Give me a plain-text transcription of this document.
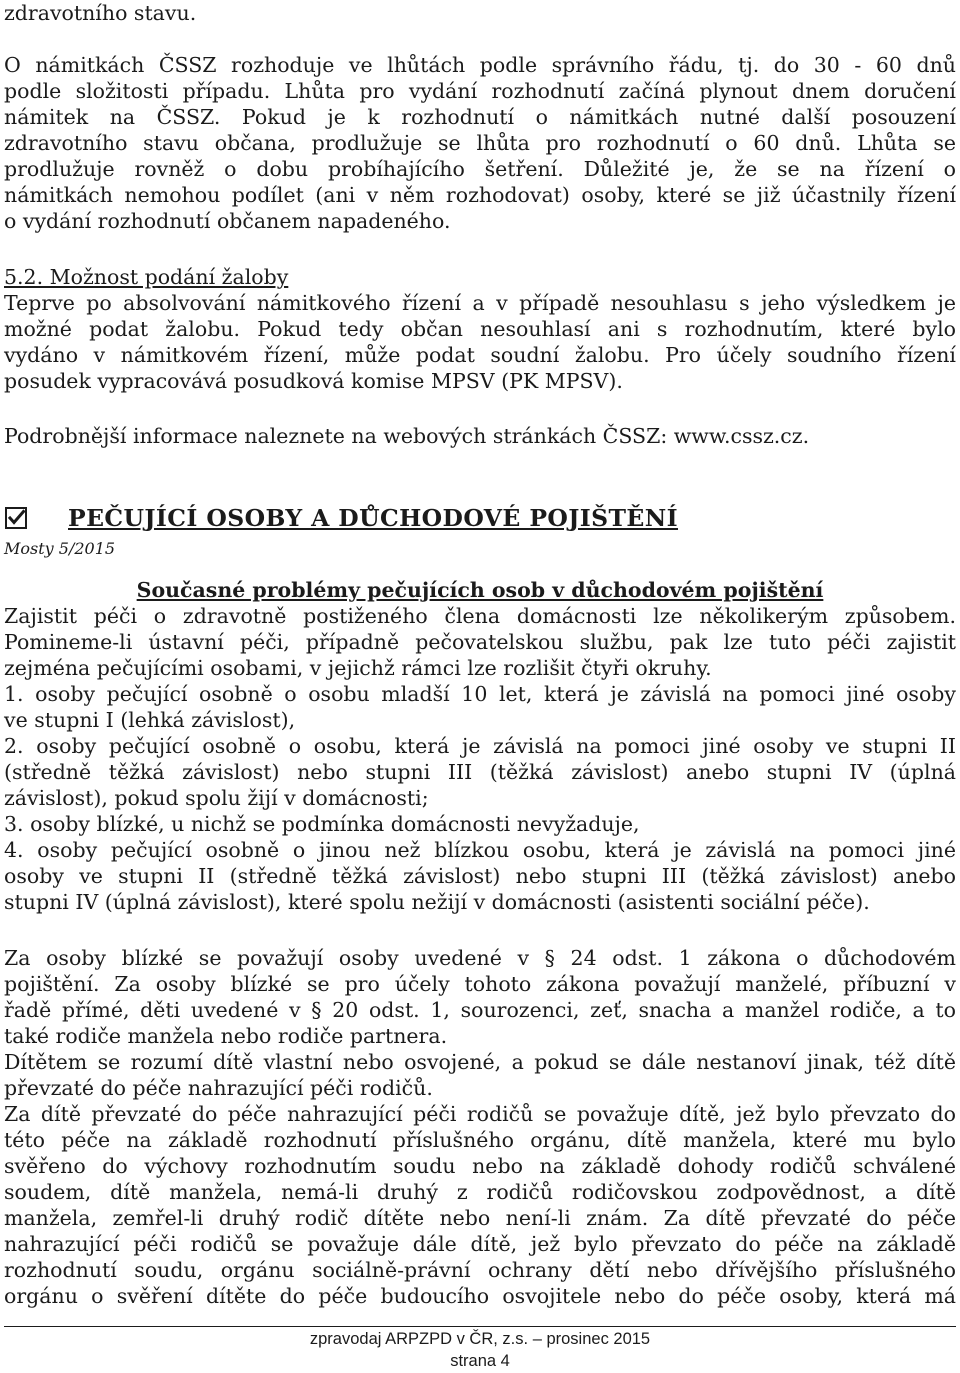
zdravotního stavu.
O námitkách ČSSZ rozhoduje ve lhůtách podle správního řádu, tj. do 30 - 60 dnů
podle složitosti případu. Lhůta pro vydání rozhodnutí začíná plynout dnem doručení
námitek na ČSSZ. Pokud je k rozhodnutí o námitkách nutné další posouzení
zdravotního stavu občana, prodlužuje se lhůta pro rozhodnutí o 60 dnů. Lhůta se
prodlužuje rovněž o dobu probíhajícího šetření. Důležité je, že se na řízení o
námitkách nemohou podílet (ani v něm rozhodovat) osoby, které se již účastnily řízení
o vydání rozhodnutí občanem napadeného.
5.2. Možnost podání žaloby
Teprve po absolvování námitkového řízení a v případě nesouhlasu s jeho výsledkem je
možné podat žalobu. Pokud tedy občan nesouhlasí ani s rozhodnutím, které bylo
vydáno v námitkovém řízení, může podat soudní žalobu. Pro účely soudního řízení
posudek vypracovává posudková komise MPSV (PK MPSV).
Podrobnější informace naleznete na webových stránkách ČSSZ: www.cssz.cz.
PEČUJÍCÍ OSOBY A DŮCHODOVÉ POJIŠTĚNÍ
Mosty 5/2015
Současné problémy pečujících osob v důchodovém pojištění
Zajistit péči o zdravotně postiženého člena domácnosti lze několikerým způsobem.
Pomineme-li ústavní péči, případně pečovatelskou službu, pak lze tuto péči zajistit
zejména pečujícími osobami, v jejichž rámci lze rozlišit čtyři okruhy.
1. osoby pečující osobně o osobu mladší 10 let, která je závislá na pomoci jiné osoby
ve stupni I (lehká závislost),
2. osoby pečující osobně o osobu, která je závislá na pomoci jiné osoby ve stupni II
(středně těžká závislost) nebo stupni III (těžká závislost) anebo stupni IV (úplná
závislost), pokud spolu žijí v domácnosti;
3. osoby blízké, u nichž se podmínka domácnosti nevyžaduje,
4. osoby pečující osobně o jinou než blízkou osobu, která je závislá na pomoci jiné
osoby ve stupni II (středně těžká závislost) nebo stupni III (těžká závislost) anebo
stupni IV (úplná závislost), které spolu nežijí v domácnosti (asistenti sociální péče).
Za osoby blízké se považují osoby uvedené v § 24 odst. 1 zákona o důchodovém
pojištění. Za osoby blízké se pro účely tohoto zákona považují manželé, příbuzní v
řadě přímé, děti uvedené v § 20 odst. 1, sourozenci, zeť, snacha a manžel rodiče, a to
také rodiče manžela nebo rodiče partnera.
Dítětem se rozumí dítě vlastní nebo osvojené, a pokud se dále nestanoví jinak, též dítě
převzaté do péče nahrazující péči rodičů.
Za dítě převzaté do péče nahrazující péči rodičů se považuje dítě, jež bylo převzato do
této péče na základě rozhodnutí příslušného orgánu, dítě manžela, které mu bylo
svěřeno do výchovy rozhodnutím soudu nebo na základě dohody rodičů schválené
soudem, dítě manžela, nemá-li druhý z rodičů rodičovskou zodpovědnost, a dítě
manžela, zemřel-li druhý rodič dítěte nebo není-li znám. Za dítě převzaté do péče
nahrazující péči rodičů se považuje dále dítě, jež bylo převzato do péče na základě
rozhodnutí soudu, orgánu sociálně-právní ochrany dětí nebo dřívějšího příslušného
orgánu o svěření dítěte do péče budoucího osvojitele nebo do péče osoby, která má
zpravodaj ARPZPD v ČR, z.s. – prosinec 2015
strana 4
